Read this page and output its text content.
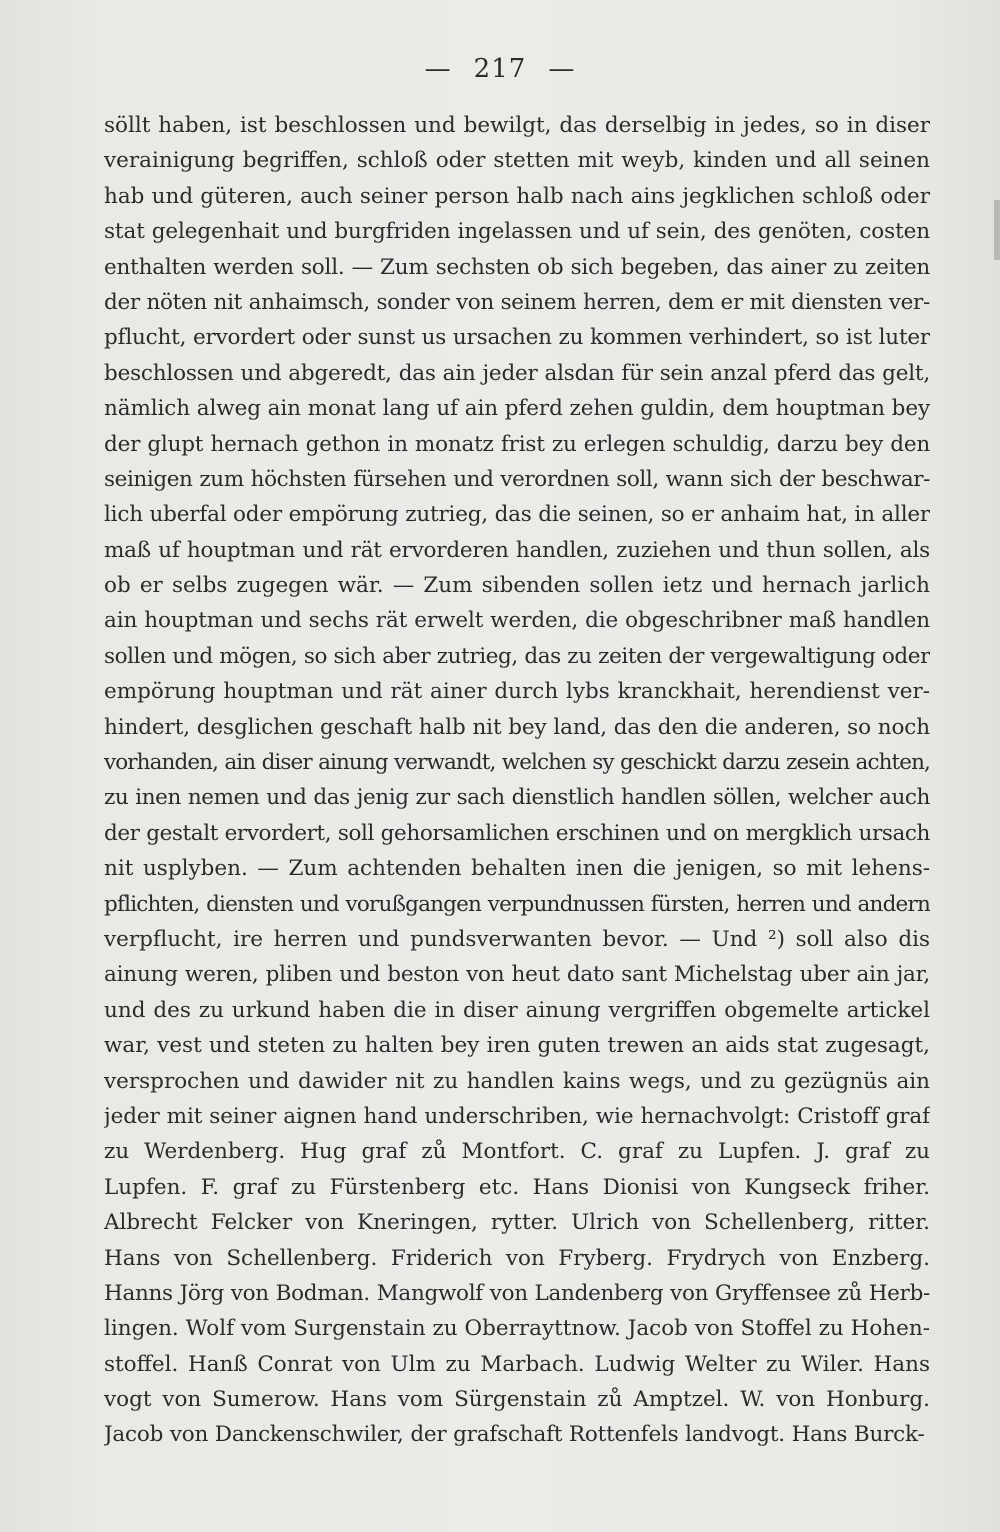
— 217 —
söllt haben, ist beschlossen und bewilgt, das derselbig in jedes, so in diser
verainigung begriffen, schloß oder stetten mit weyb, kinden und all seinen
hab und güteren, auch seiner person halb nach ains jegklichen schloß oder
stat gelegenhait und burgfriden ingelassen und uf sein, des genöten, costen
enthalten werden soll. — Zum sechsten ob sich begeben, das ainer zu zeiten
der nöten nit anhaimsch, sonder von seinem herren, dem er mit diensten ver-
pflucht, ervordert oder sunst us ursachen zu kommen verhindert, so ist luter
beschlossen und abgeredt, das ain jeder alsdan für sein anzal pferd das gelt,
nämlich alweg ain monat lang uf ain pferd zehen guldin, dem houptman bey
der glupt hernach gethon in monatz frist zu erlegen schuldig, darzu bey den
seinigen zum höchsten fürsehen und verordnen soll, wann sich der beschwar-
lich uberfal oder empörung zutrieg, das die seinen, so er anhaim hat, in aller
maß uf houptman und rät ervorderen handlen, zuziehen und thun sollen, als
ob er selbs zugegen wär. — Zum sibenden sollen ietz und hernach jarlich
ain houptman und sechs rät erwelt werden, die obgeschribner maß handlen
sollen und mögen, so sich aber zutrieg, das zu zeiten der vergewaltigung oder
empörung houptman und rät ainer durch lybs kranckhait, herendienst ver-
hindert, desglichen geschaft halb nit bey land, das den die anderen, so noch
vorhanden, ain diser ainung verwandt, welchen sy geschickt darzu zesein achten,
zu inen nemen und das jenig zur sach dienstlich handlen söllen, welcher auch
der gestalt ervordert, soll gehorsamlichen erschinen und on mergklich ursach
nit usplyben. — Zum achtenden behalten inen die jenigen, so mit lehens-
pflichten, diensten und vorußgangen verpundnussen fürsten, herren und andern
verpflucht, ire herren und pundsverwanten bevor. — Und ²) soll also dis
ainung weren, pliben und beston von heut dato sant Michelstag uber ain jar,
und des zu urkund haben die in diser ainung vergriffen obgemelte artickel
war, vest und steten zu halten bey iren guten trewen an aids stat zugesagt,
versprochen und dawider nit zu handlen kains wegs, und zu gezügnüs ain
jeder mit seiner aignen hand underschriben, wie hernachvolgt: Cristoff graf
zu Werdenberg. Hug graf zů Montfort. C. graf zu Lupfen. J. graf zu
Lupfen. F. graf zu Fürstenberg etc. Hans Dionisi von Kungseck friher.
Albrecht Felcker von Kneringen, rytter. Ulrich von Schellenberg, ritter.
Hans von Schellenberg. Friderich von Fryberg. Frydrych von Enzberg.
Hanns Jörg von Bodman. Mangwolf von Landenberg von Gryffensee zů Herb-
lingen. Wolf vom Surgenstain zu Oberrayttnow. Jacob von Stoffel zu Hohen-
stoffel. Hanß Conrat von Ulm zu Marbach. Ludwig Welter zu Wiler. Hans
vogt von Sumerow. Hans vom Sürgenstain zů Amptzel. W. von Honburg.
Jacob von Danckenschwiler, der grafschaft Rottenfels landvogt. Hans Burck-
